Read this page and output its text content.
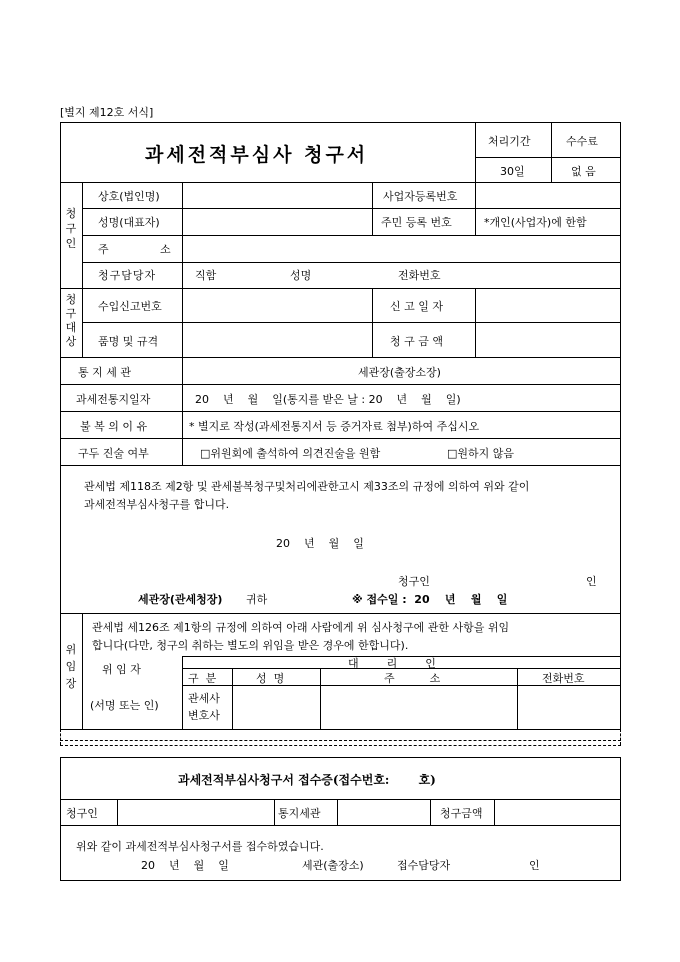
[별지 제12호 서식]
과세전적부심사 청구서
처리기간	수수료
30일	없 음
청구인
상호(법인명)	사업자등록번호
성명(대표자)	주민 등록 번호	*개인(사업자)에 한함
주	소
청구담당자	직함	성명	전화번호
청구대상
수입신고번호	신 고 일 자
품명 및 규격	청 구 금 액
통 지 세 관	세관장(출장소장)
과세전통지일자	20    년    월    일(통지를 받은 날 : 20    년    월    일)
불 복 의 이 유	* 별지로 작성(과세전통지서 등 증거자료 첨부)하여 주십시오
구두 진술 여부	□위원회에 출석하여 의견진술을 원함	□원하지 않음
관세법 제118조 제2항 및 관세불복청구및처리에관한고시 제33조의 규정에 의하여 위와 같이
과세전적부심사청구를 합니다.
20    년    월    일
청구인	인
세관장(관세청장) 귀하	※ 접수일 :  20    년    월    일
위임장
관세법 세126조 제1항의 규정에 의하여 아래 사람에게 위 심사청구에 관한 사항을 위임
합니다(다만, 청구의 취하는 별도의 위임을 받은 경우에 한합니다).
위 임 자
(서명 또는 인)
대        리        인
구  분	성  명	주          소	전화번호
관세사
변호사
과세전적부심사청구서 접수증(접수번호:       호)
청구인	통지세관	청구금액
위와 같이 과세전적부심사청구서를 접수하였습니다.
20    년    월    일	세관(출장소)	접수담당자	인
